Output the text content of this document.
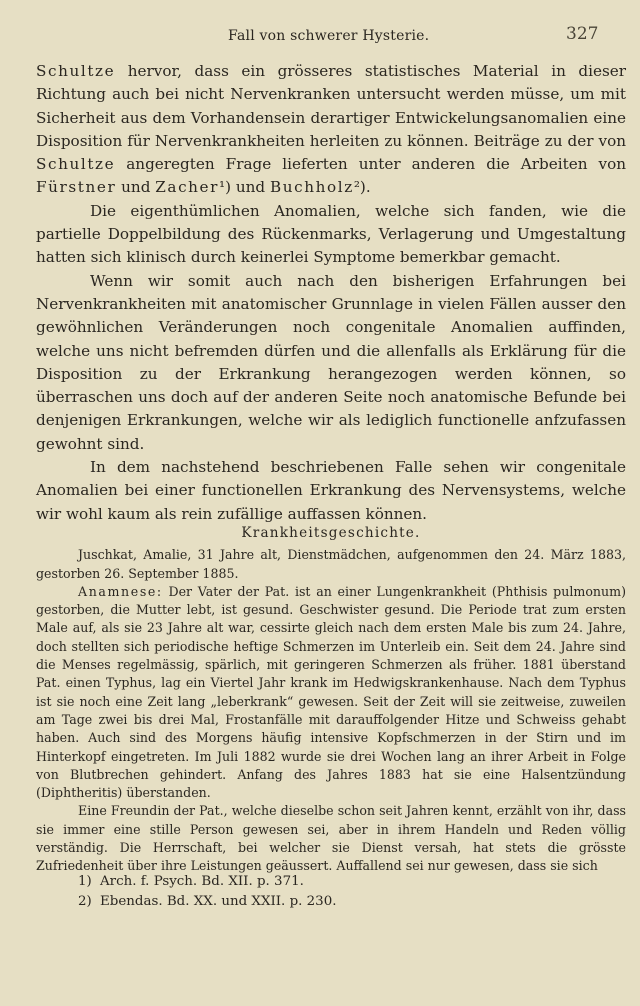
Fall von schwerer Hysterie.	327

Schultze hervor, dass ein grösseres statistisches Material in dieser Richtung auch bei nicht Nervenkranken untersucht werden müsse, um mit Sicherheit aus dem Vorhandensein derartiger Entwickelungsanomalien eine Disposition für Nervenkrankheiten herleiten zu können. Beiträge zu der von Schultze angeregten Frage lieferten unter anderen die Arbeiten von Fürstner und Zacher¹) und Buchholz²).

Die eigenthümlichen Anomalien, welche sich fanden, wie die partielle Doppelbildung des Rückenmarks, Verlagerung und Umgestaltung hatten sich klinisch durch keinerlei Symptome bemerkbar gemacht.

Wenn wir somit auch nach den bisherigen Erfahrungen bei Nervenkrankheiten mit anatomischer Grunnlage in vielen Fällen ausser den gewöhnlichen Veränderungen noch congenitale Anomalien auffinden, welche uns nicht befremden dürfen und die allenfalls als Erklärung für die Disposition zu der Erkrankung herangezogen werden können, so überraschen uns doch auf der anderen Seite noch anatomische Befunde bei denjenigen Erkrankungen, welche wir als lediglich functionelle anfzufassen gewohnt sind.

In dem nachstehend beschriebenen Falle sehen wir congenitale Anomalien bei einer functionellen Erkrankung des Nervensystems, welche wir wohl kaum als rein zufällige auffassen können.

Krankheitsgeschichte.

Juschkat, Amalie, 31 Jahre alt, Dienstmädchen, aufgenommen den 24. März 1883, gestorben 26. September 1885.

Anamnese: Der Vater der Pat. ist an einer Lungenkrankheit (Phthisis pulmonum) gestorben, die Mutter lebt, ist gesund. Geschwister gesund. Die Periode trat zum ersten Male auf, als sie 23 Jahre alt war, cessirte gleich nach dem ersten Male bis zum 24. Jahre, doch stellten sich periodische heftige Schmerzen im Unterleib ein. Seit dem 24. Jahre sind die Menses regelmässig, spärlich, mit geringeren Schmerzen als früher. 1881 überstand Pat. einen Typhus, lag ein Viertel Jahr krank im Hedwigskrankenhause. Nach dem Typhus ist sie noch eine Zeit lang „leberkrank“ gewesen. Seit der Zeit will sie zeitweise, zuweilen am Tage zwei bis drei Mal, Frostanfälle mit darauffolgender Hitze und Schweiss gehabt haben. Auch sind des Morgens häufig intensive Kopfschmerzen in der Stirn und im Hinterkopf eingetreten. Im Juli 1882 wurde sie drei Wochen lang an ihrer Arbeit in Folge von Blutbrechen gehindert. Anfang des Jahres 1883 hat sie eine Halsentzündung (Diphtheritis) überstanden.

Eine Freundin der Pat., welche dieselbe schon seit Jahren kennt, erzählt von ihr, dass sie immer eine stille Person gewesen sei, aber in ihrem Handeln und Reden völlig verständig. Die Herrschaft, bei welcher sie Dienst versah, hat stets die grösste Zufriedenheit über ihre Leistungen geäussert. Auffallend sei nur gewesen, dass sie sich

1) Arch. f. Psych. Bd. XII. p. 371.

2) Ebendas. Bd. XX. und XXII. p. 230.
